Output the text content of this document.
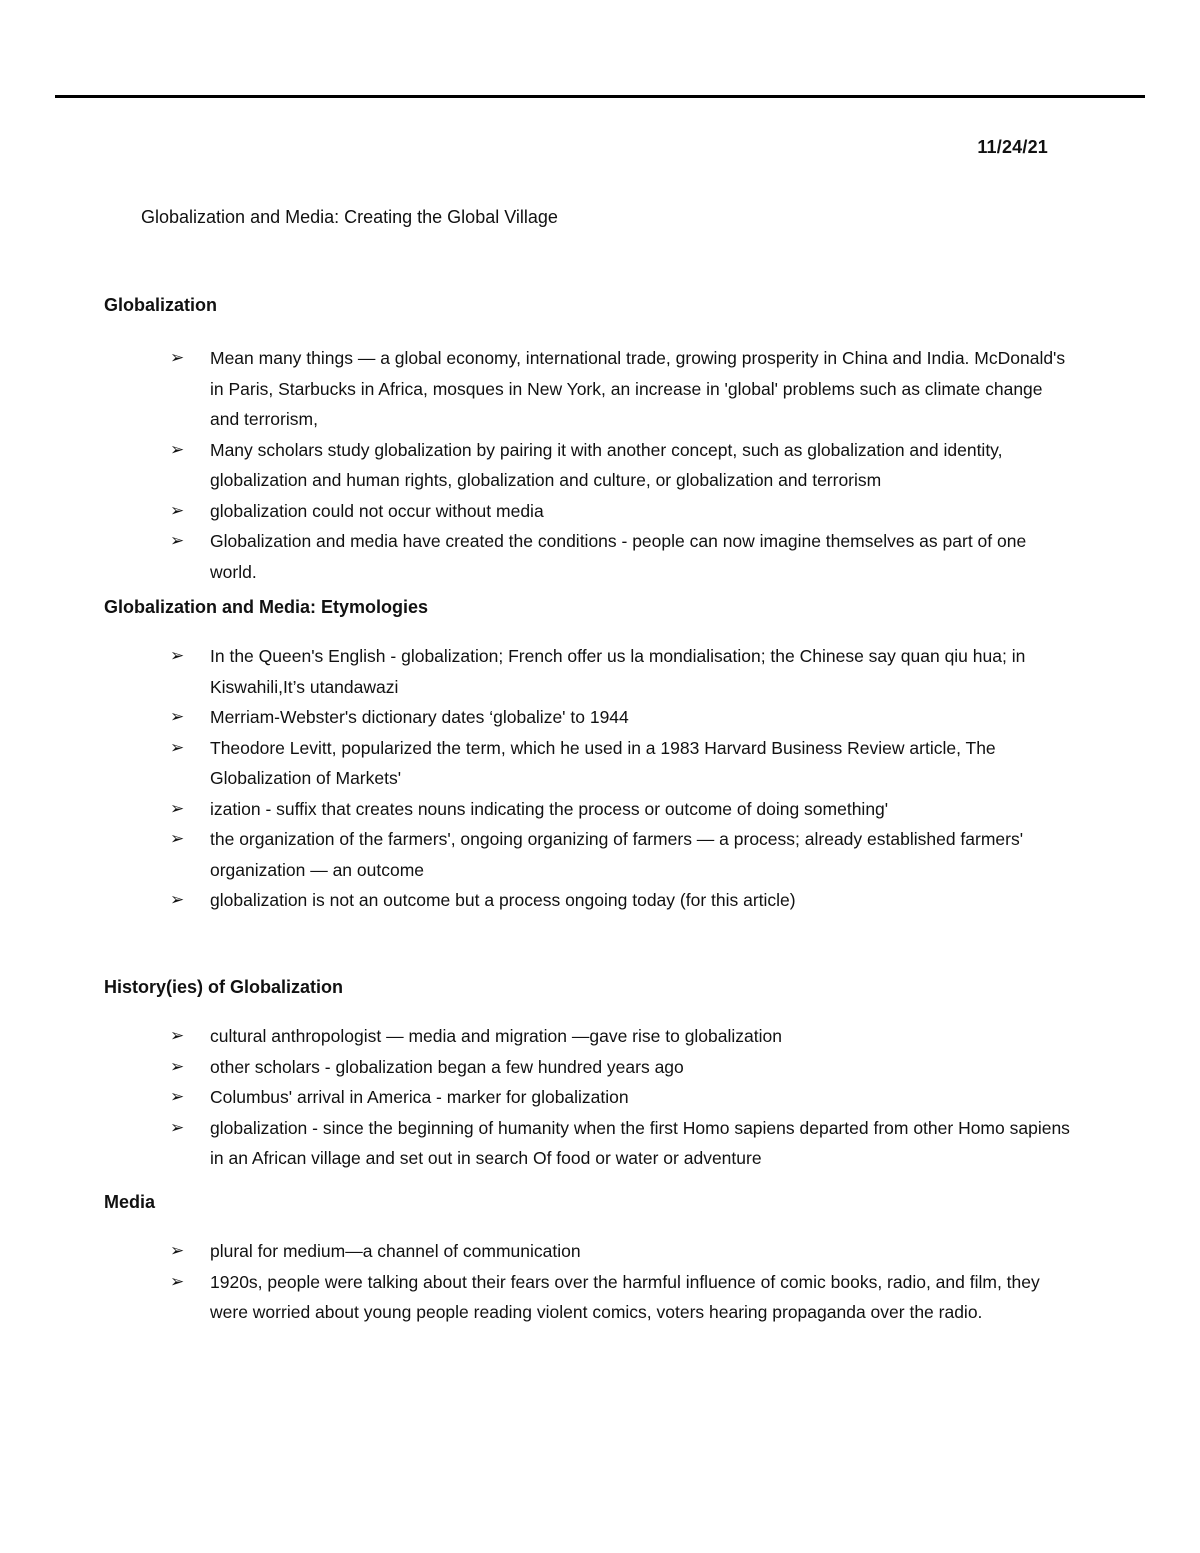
11/24/21
Globalization and Media: Creating the Global Village
Globalization
➢ Mean many things — a global economy, international trade, growing prosperity in China and India. McDonald's in Paris, Starbucks in Africa, mosques in New York, an increase in 'global' problems such as climate change and terrorism,
➢ Many scholars study globalization by pairing it with another concept, such as globalization and identity, globalization and human rights, globalization and culture, or globalization and terrorism
➢ globalization could not occur without media
➢ Globalization and media have created the conditions - people can now imagine themselves as part of one world.
Globalization and Media: Etymologies
➢ In the Queen's English - globalization; French offer us la mondialisation; the Chinese say quan qiu hua; in Kiswahili,It’s utandawazi
➢ Merriam-Webster's dictionary dates ‘globalize' to 1944
➢ Theodore Levitt, popularized the term, which he used in a 1983 Harvard Business Review article, The Globalization of Markets'
➢ ization - suffix that creates nouns indicating the process or outcome of doing something'
➢ the organization of the farmers', ongoing organizing of farmers — a process; already established farmers' organization — an outcome
➢ globalization is not an outcome but a process ongoing today (for this article)
History(ies) of Globalization
➢ cultural anthropologist — media and migration —gave rise to globalization
➢ other scholars - globalization began a few hundred years ago
➢ Columbus' arrival in America - marker for globalization
➢ globalization - since the beginning of humanity when the first Homo sapiens departed from other Homo sapiens in an African village and set out in search Of food or water or adventure
Media
➢ plural for medium—a channel of communication
➢ 1920s, people were talking about their fears over the harmful influence of comic books, radio, and film, they were worried about young people reading violent comics, voters hearing propaganda over the radio.
